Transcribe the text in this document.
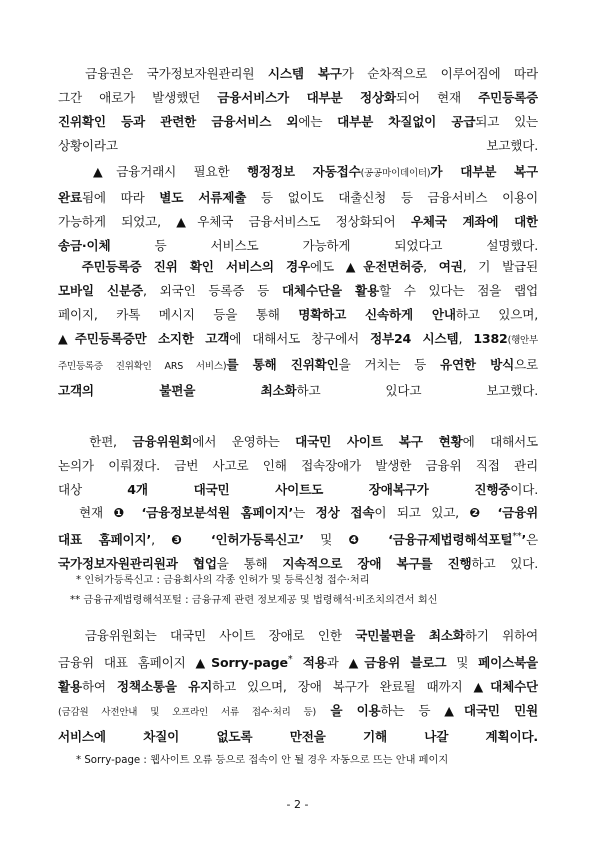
금융권은 국가정보자원관리원 시스템 복구가 순차적으로 이루어짐에 따라
그간 애로가 발생했던 금융서비스가 대부분 정상화되어 현재 주민등록증
진위확인 등과 관련한 금융서비스 외에는 대부분 차질없이 공급되고 있는
상황이라고 보고했다.
▲금융거래시 필요한 행정정보 자동접수(공공마이데이터)가 대부분 복구
완료됨에 따라 별도 서류제출 등 없이도 대출신청 등 금융서비스 이용이
가능하게 되었고, ▲우체국 금융서비스도 정상화되어 우체국 계좌에 대한
송금·이체 등 서비스도 가능하게 되었다고 설명했다.
주민등록증 진위 확인 서비스의 경우에도 ▲운전면허증, 여권, 기 발급된
모바일 신분증, 외국인 등록증 등 대체수단을 활용할 수 있다는 점을 랩업
페이지, 카톡 메시지 등을 통해 명확하고 신속하게 안내하고 있으며,
▲주민등록증만 소지한 고객에 대해서도 창구에서 정부24 시스템, 1382(행안부
주민등록증 진위확인 ARS 서비스)를 통해 진위확인을 거치는 등 유연한 방식으로
고객의 불편을 최소화하고 있다고 보고했다.
한편, 금융위원회에서 운영하는 대국민 사이트 복구 현황에 대해서도
논의가 이뤄졌다. 금번 사고로 인해 접속장애가 발생한 금융위 직접 관리
대상 4개 대국민 사이트도 장애복구가 진행중이다.
현재 ❶ ‘금융정보분석원 홈페이지’는 정상 접속이 되고 있고, ❷ ‘금융위
대표 홈페이지’, ❸ ‘인허가등록신고’ 및 ❹ ‘금융규제법령해석포털**’은
국가정보자원관리원과 협업을 통해 지속적으로 장애 복구를 진행하고 있다.
* 인허가등록신고 : 금융회사의 각종 인허가 및 등록신청 접수·처리
** 금융규제법령해석포털 : 금융규제 관련 정보제공 및 법령해석·비조치의견서 회신
금융위원회는 대국민 사이트 장애로 인한 국민불편을 최소화하기 위하여
금융위 대표 홈페이지 ▲Sorry-page* 적용과 ▲금융위 블로그 및 페이스북을
활용하여 정책소통을 유지하고 있으며, 장애 복구가 완료될 때까지 ▲대체수단
(금감원 사전안내 및 오프라인 서류 접수·처리 등) 을 이용하는 등 ▲대국민 민원
서비스에 차질이 없도록 만전을 기해 나갈 계획이다.
* Sorry-page : 웹사이트 오류 등으로 접속이 안 될 경우 자동으로 뜨는 안내 페이지
- 2 -
